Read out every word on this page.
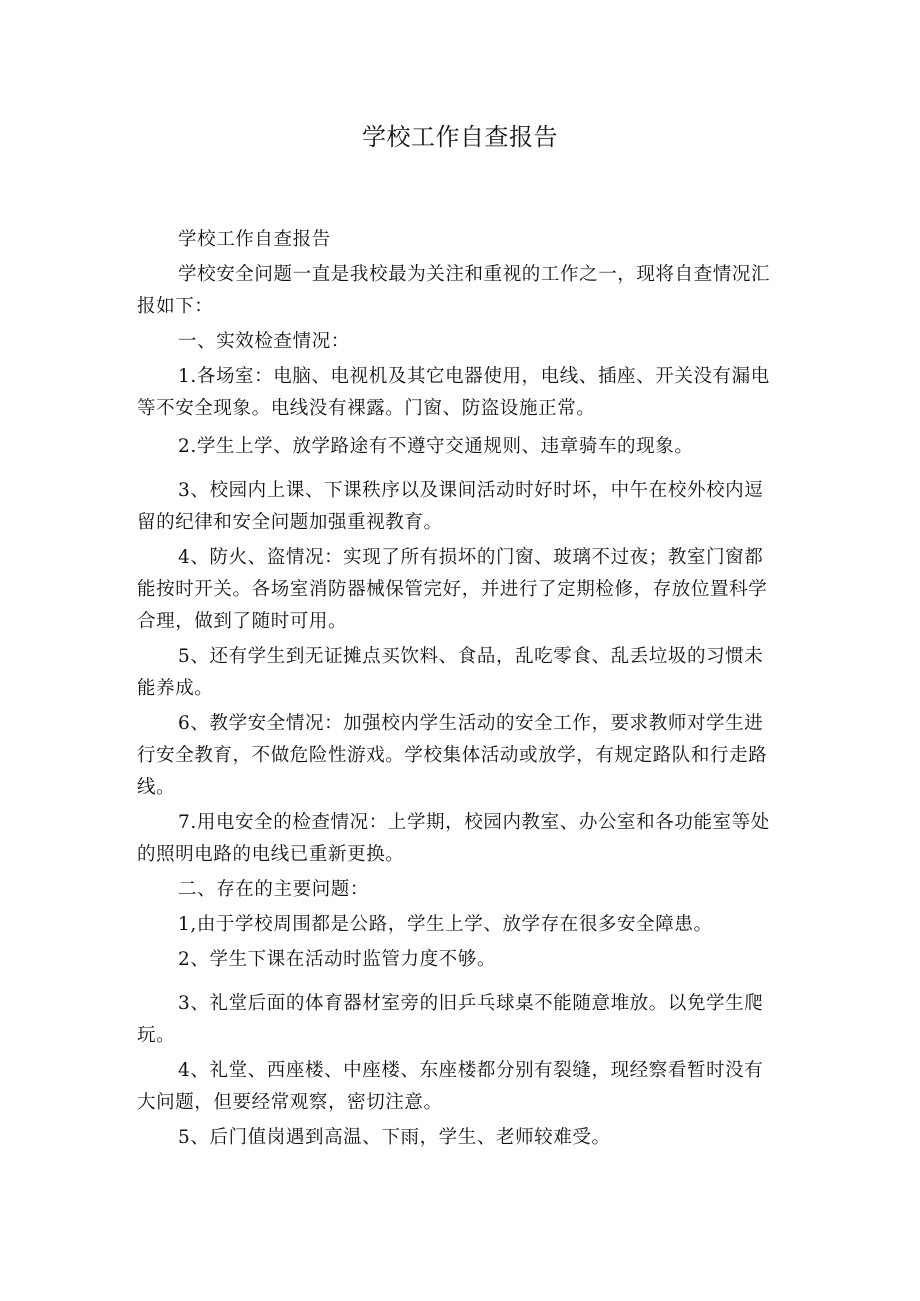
学校工作自查报告

学校工作自查报告

学校安全问题一直是我校最为关注和重视的工作之一，现将自查情况汇报如下：

一、实效检查情况：

1.各场室：电脑、电视机及其它电器使用，电线、插座、开关没有漏电等不安全现象。电线没有裸露。门窗、防盗设施正常。

2.学生上学、放学路途有不遵守交通规则、违章骑车的现象。

3、校园内上课、下课秩序以及课间活动时好时坏，中午在校外校内逗留的纪律和安全问题加强重视教育。

4、防火、盗情况：实现了所有损坏的门窗、玻璃不过夜；教室门窗都能按时开关。各场室消防器械保管完好，并进行了定期检修，存放位置科学合理，做到了随时可用。

5、还有学生到无证摊点买饮料、食品，乱吃零食、乱丢垃圾的习惯未能养成。

6、教学安全情况：加强校内学生活动的安全工作，要求教师对学生进行安全教育，不做危险性游戏。学校集体活动或放学，有规定路队和行走路线。

7.用电安全的检查情况：上学期，校园内教室、办公室和各功能室等处的照明电路的电线已重新更换。

二、存在的主要问题：

1,由于学校周围都是公路，学生上学、放学存在很多安全障患。

2、学生下课在活动时监管力度不够。

3、礼堂后面的体育器材室旁的旧乒乓球桌不能随意堆放。以免学生爬玩。

4、礼堂、西座楼、中座楼、东座楼都分别有裂缝，现经察看暂时没有大问题，但要经常观察，密切注意。

5、后门值岗遇到高温、下雨，学生、老师较难受。
